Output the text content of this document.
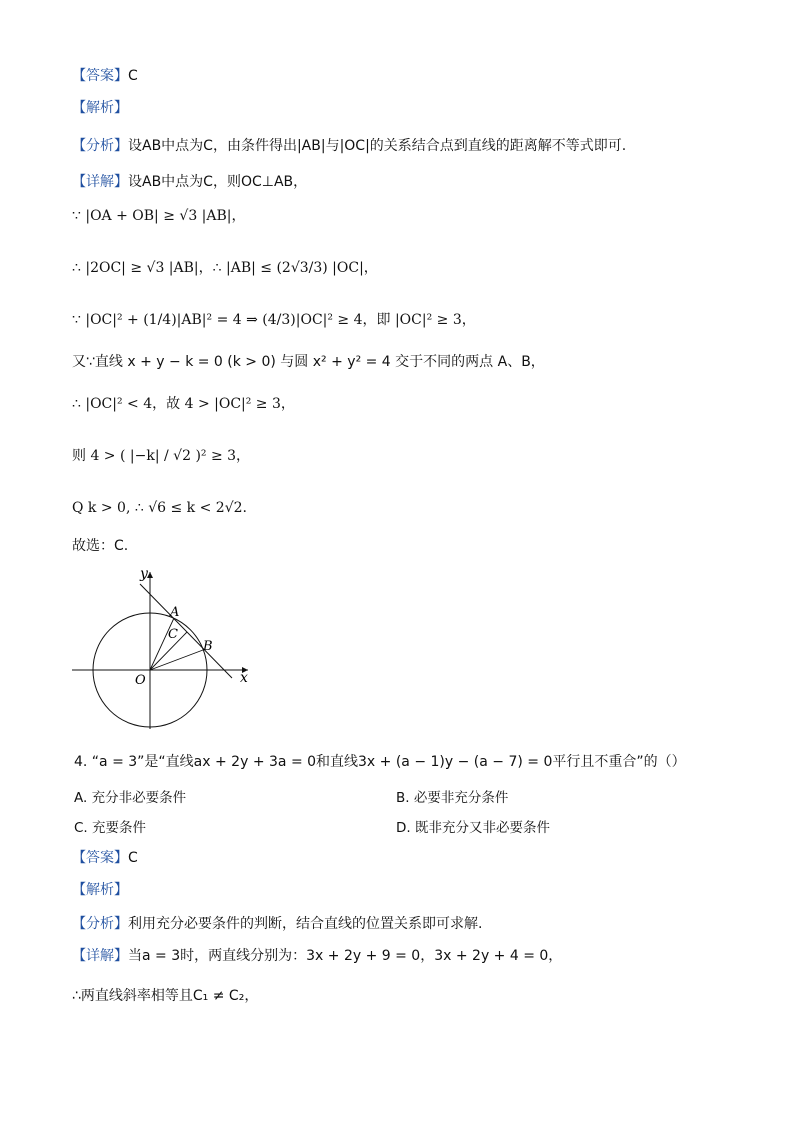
【答案】C
【解析】
【分析】设AB中点为C，由条件得出|AB|与|OC|的关系结合点到直线的距离解不等式即可.
【详解】设AB中点为C，则OC⊥AB，
∵ |OA + OB| ≥ √3 |AB|，
∴ |2OC| ≥ √3 |AB|，∴ |AB| ≤ (2√3/3) |OC|，
∵ |OC|² + (1/4)|AB|² = 4 ⇒ (4/3)|OC|² ≥ 4，即 |OC|² ≥ 3，
又∵直线 x + y − k = 0 (k > 0) 与圆 x² + y² = 4 交于不同的两点 A、B，
∴ |OC|² < 4，故 4 > |OC|² ≥ 3，
则 4 > ( |−k| / √2 )² ≥ 3，
Q k > 0, ∴ √6 ≤ k < 2√2.
故选：C.
y
x
O
A
C
B
4. “a = 3”是“直线ax + 2y + 3a = 0和直线3x + (a − 1)y − (a − 7) = 0平行且不重合”的（）
A. 充分非必要条件	B. 必要非充分条件
C. 充要条件	D. 既非充分又非必要条件
【答案】C
【解析】
【分析】利用充分必要条件的判断，结合直线的位置关系即可求解.
【详解】当a = 3时，两直线分别为：3x + 2y + 9 = 0，3x + 2y + 4 = 0，
∴两直线斜率相等且C₁ ≠ C₂，
